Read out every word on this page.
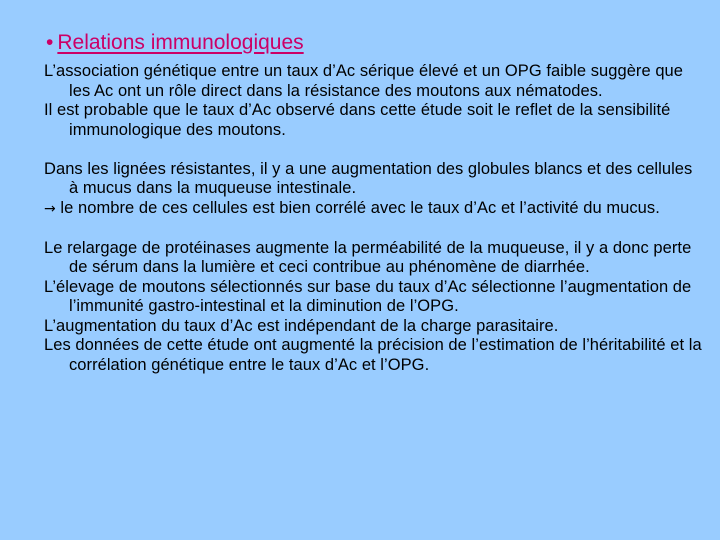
• Relations immunologiques

L’association génétique entre un taux d’Ac sérique élevé et un OPG faible suggère que les Ac ont un rôle direct dans la résistance des moutons aux nématodes.

Il est probable que le taux d’Ac observé dans cette étude soit le reflet de la sensibilité immunologique des moutons.

Dans les lignées résistantes, il y a une augmentation des globules blancs et des cellules à mucus dans la muqueuse intestinale.

→ le nombre de ces cellules est bien corrélé avec le taux d’Ac et l’activité du mucus.

Le relargage de protéinases augmente la perméabilité de la muqueuse, il y a donc perte de sérum dans la lumière et ceci contribue au phénomène de diarrhée.

L’élevage de moutons sélectionnés sur base du taux d’Ac sélectionne l’augmentation de l’immunité gastro-intestinal et la diminution de l’OPG.

L’augmentation du taux d’Ac est indépendant de la charge parasitaire.

Les données de cette étude ont augmenté la précision de l’estimation de l’héritabilité et la corrélation génétique entre le taux d’Ac et l’OPG.
